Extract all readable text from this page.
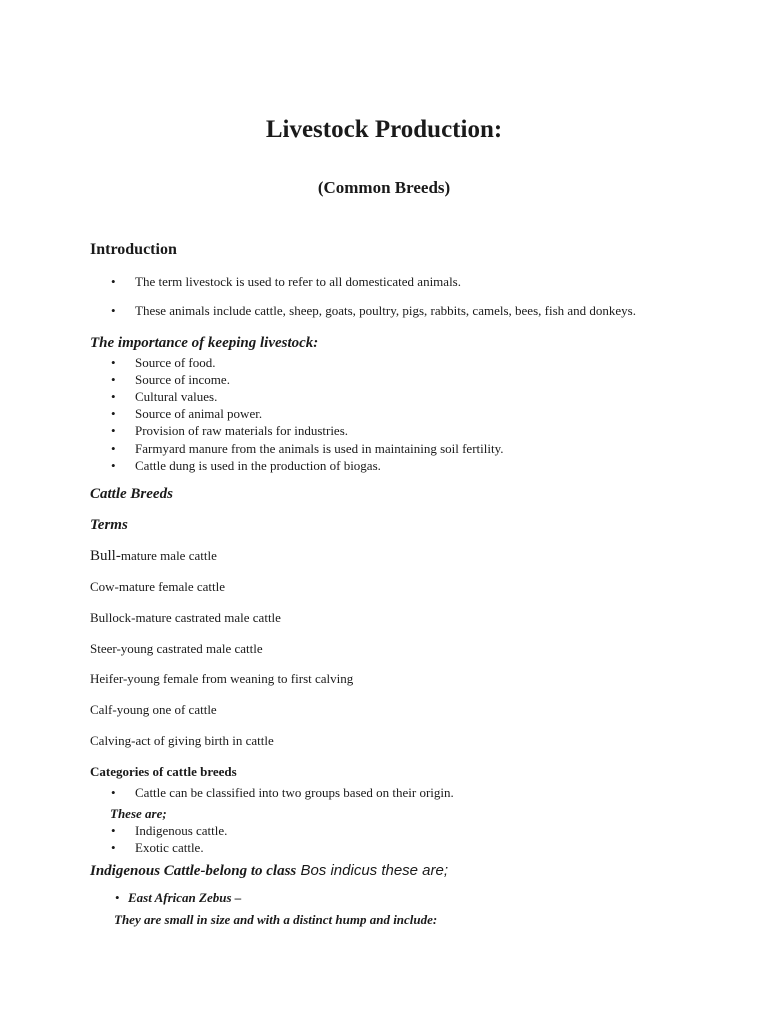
Livestock Production:
(Common Breeds)
Introduction
•	The term livestock is used to refer to all domesticated animals.
•	These animals include cattle, sheep, goats, poultry, pigs, rabbits, camels, bees, fish and donkeys.
The importance of keeping livestock:
•	Source of food.
•	Source of income.
•	Cultural values.
•	Source of animal power.
•	Provision of raw materials for industries.
•	Farmyard manure from the animals is used in maintaining soil fertility.
•	Cattle dung is used in the production of biogas.
Cattle Breeds
Terms
Bull-mature male cattle
Cow-mature female cattle
Bullock-mature castrated male cattle
Steer-young castrated male cattle
Heifer-young female from weaning to first calving
Calf-young one of cattle
Calving-act of giving birth in cattle
Categories of cattle breeds
•	Cattle can be classified into two groups based on their origin.
These are;
•	Indigenous cattle.
•	Exotic cattle.
Indigenous Cattle-belong to class Bos indicus these are;
• East African Zebus –
They are small in size and with a distinct hump and include:
